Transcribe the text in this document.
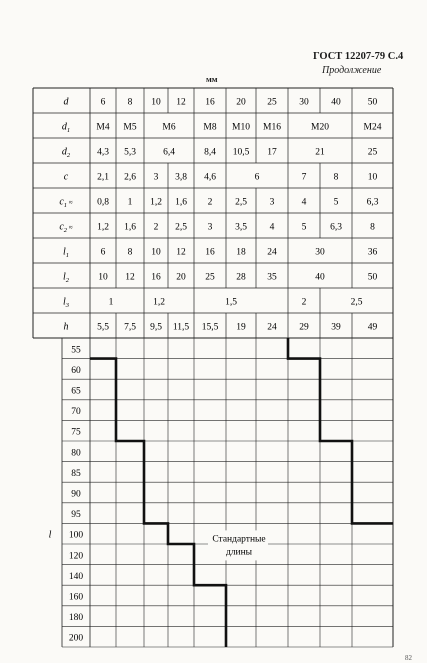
ГОСТ 12207-79 С.4
Продолжение
мм
d	6 8 10 12 16 20 25 30 40	50
$d_1$	M4 M5	M6	M8 M10 M16	M20	M24
$d_2$	4,3 5,3	6,4	8,4 10,5 17	21	25
c	2,1 2,6 3 3,8 4,6	6	7	8	10
$c_1$ ≈	0,8 1 1,2 1,6 2 2,5 3	4	5	6,3
$c_2$ ≈	1,2 1,6 2 2,5 3 3,5 4	5 6,3	8
$l_1$	6 8 10 12 16 18 24	30	36
$l_2$	10 12 16 20 25 28 35	40	50
$l_3$	1	1,2	1,5	2	2,5
h	5,5 7,5 9,5 11,5 15,5 19 24 29 39	49
55
60
65
70
75
80
85
90
95
100
120
140
160
180
200
l	Стандартные
длины
82
